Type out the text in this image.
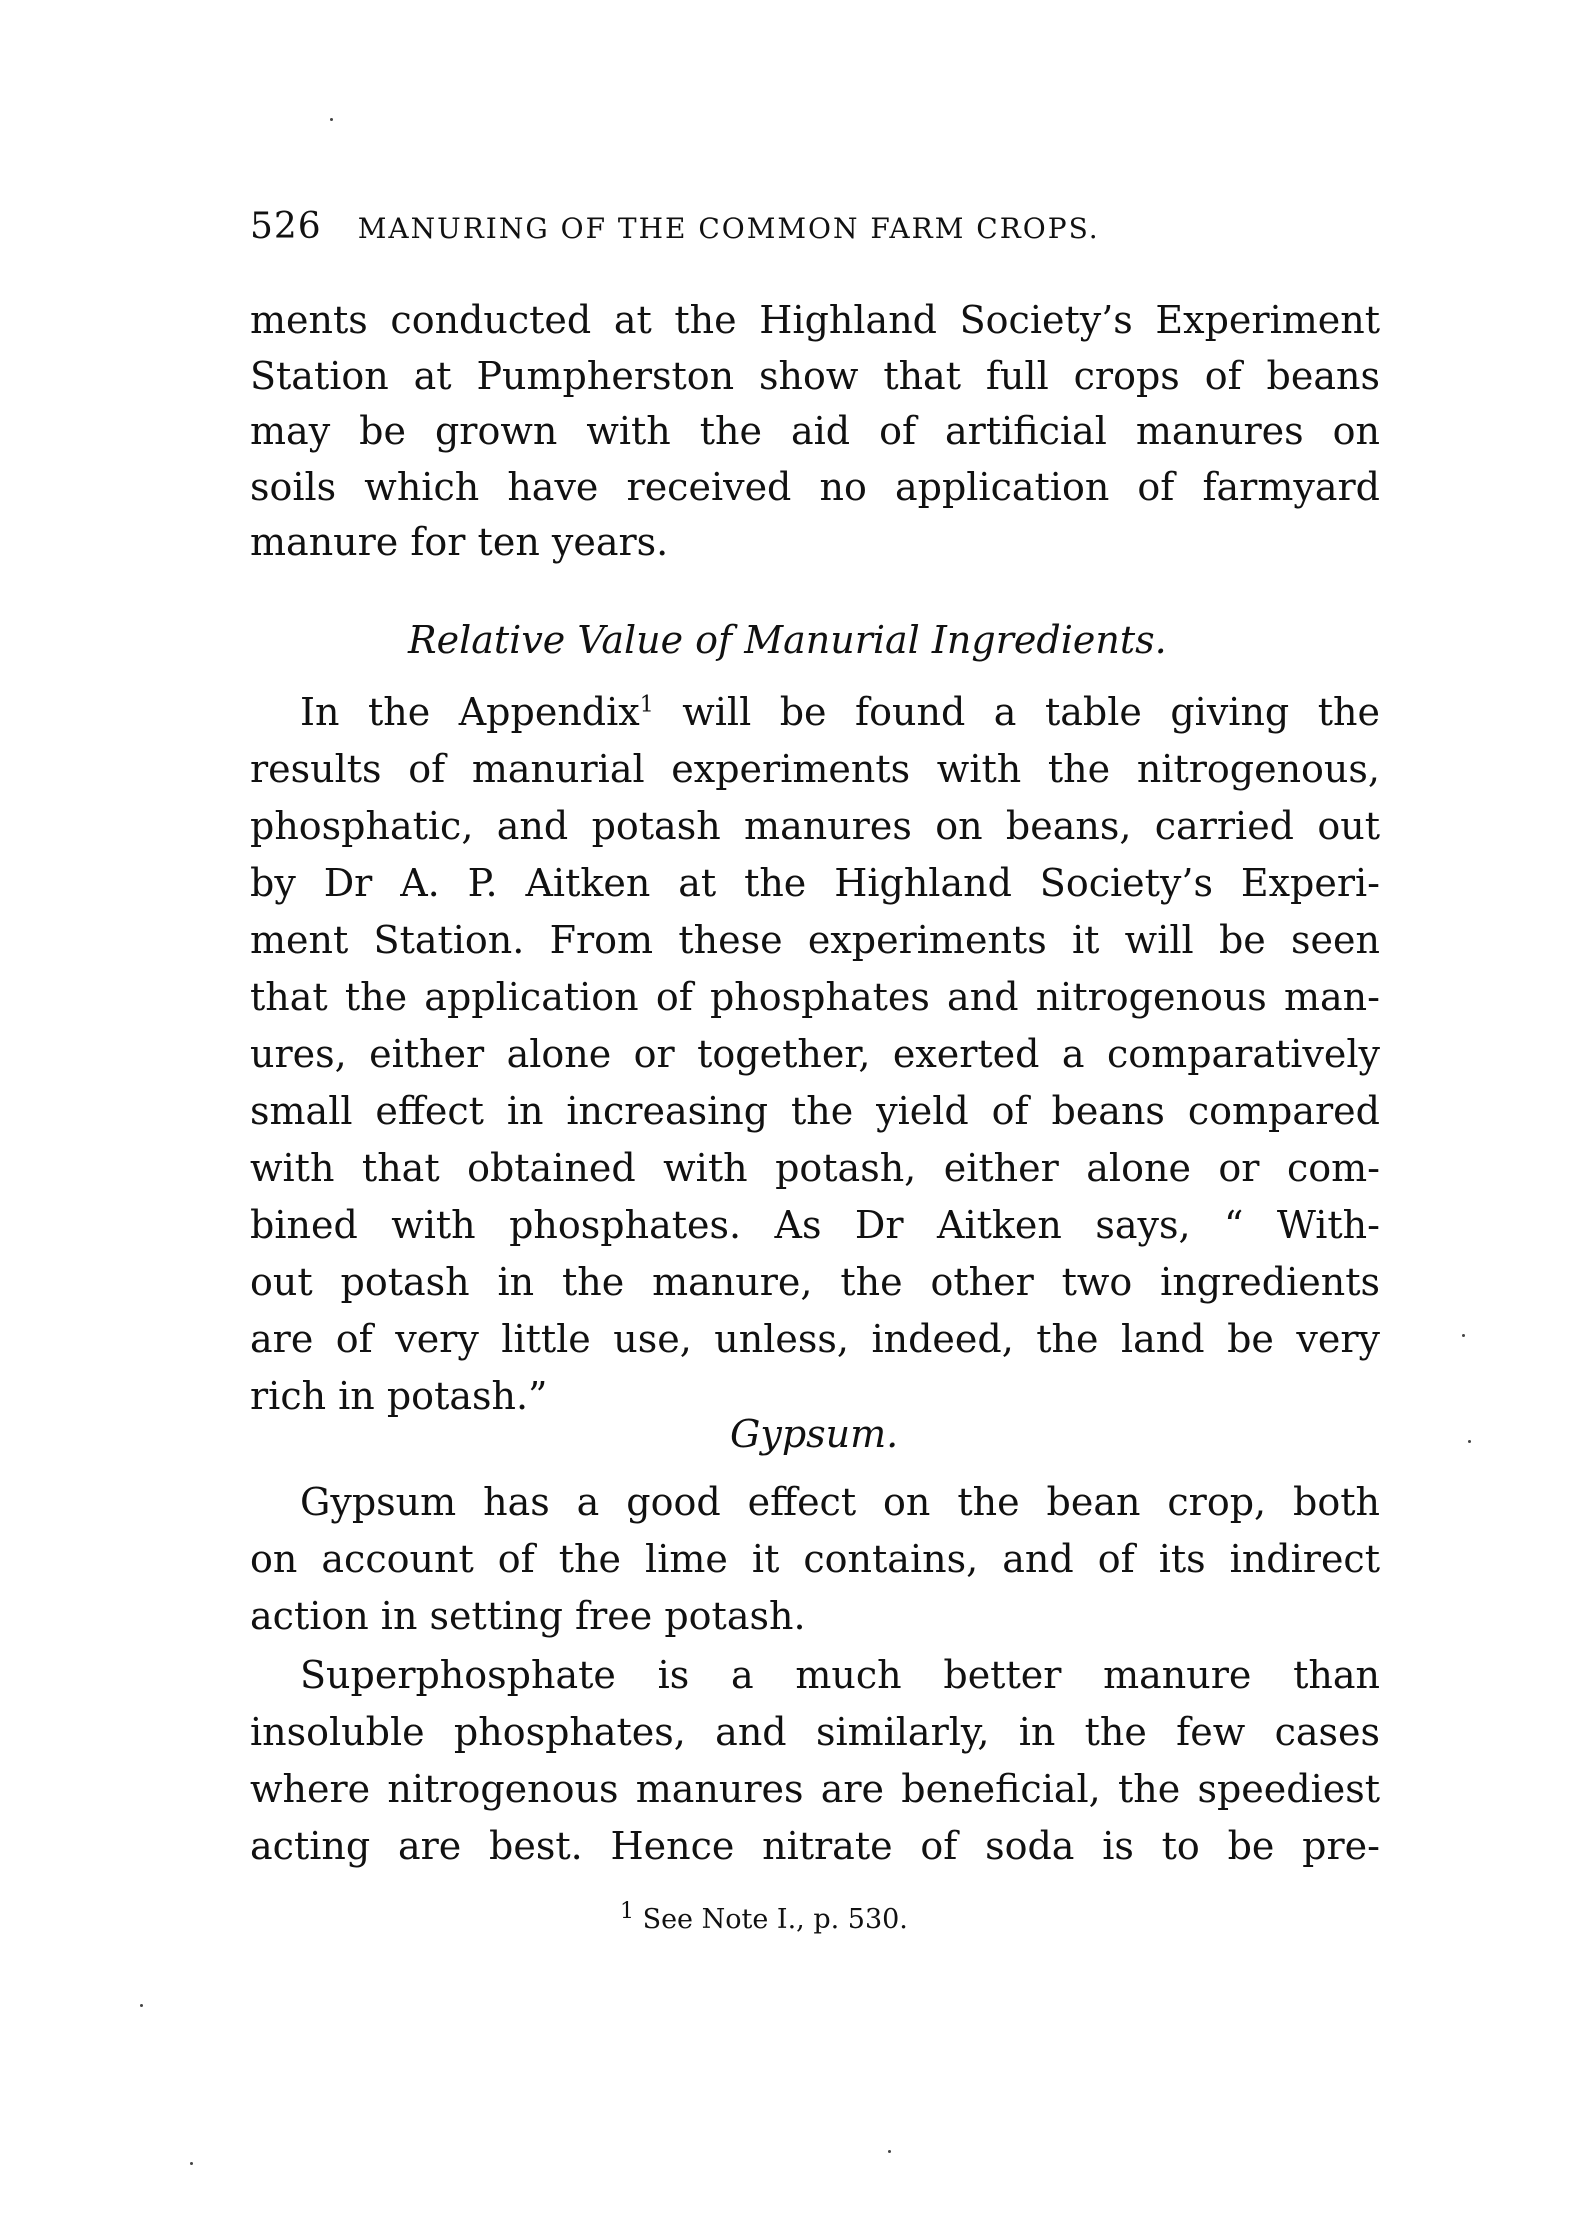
526 MANURING OF THE COMMON FARM CROPS.
ments conducted at the Highland Society’s Experiment
Station at Pumpherston show that full crops of beans
may be grown with the aid of artificial manures on
soils which have received no application of farmyard
manure for ten years.
Relative Value of Manurial Ingredients.
In the Appendix$^1$ will be found a table giving the
results of manurial experiments with the nitrogenous,
phosphatic, and potash manures on beans, carried out
by Dr A. P. Aitken at the Highland Society’s Experi-
ment Station. From these experiments it will be seen
that the application of phosphates and nitrogenous man-
ures, either alone or together, exerted a comparatively
small effect in increasing the yield of beans compared
with that obtained with potash, either alone or com-
bined with phosphates. As Dr Aitken says, “ With-
out potash in the manure, the other two ingredients
are of very little use, unless, indeed, the land be very
rich in potash.”
Gypsum.
Gypsum has a good effect on the bean crop, both
on account of the lime it contains, and of its indirect
action in setting free potash.
Superphosphate is a much better manure than
insoluble phosphates, and similarly, in the few cases
where nitrogenous manures are beneficial, the speediest
acting are best. Hence nitrate of soda is to be pre-
$^1$ See Note I., p. 530.
